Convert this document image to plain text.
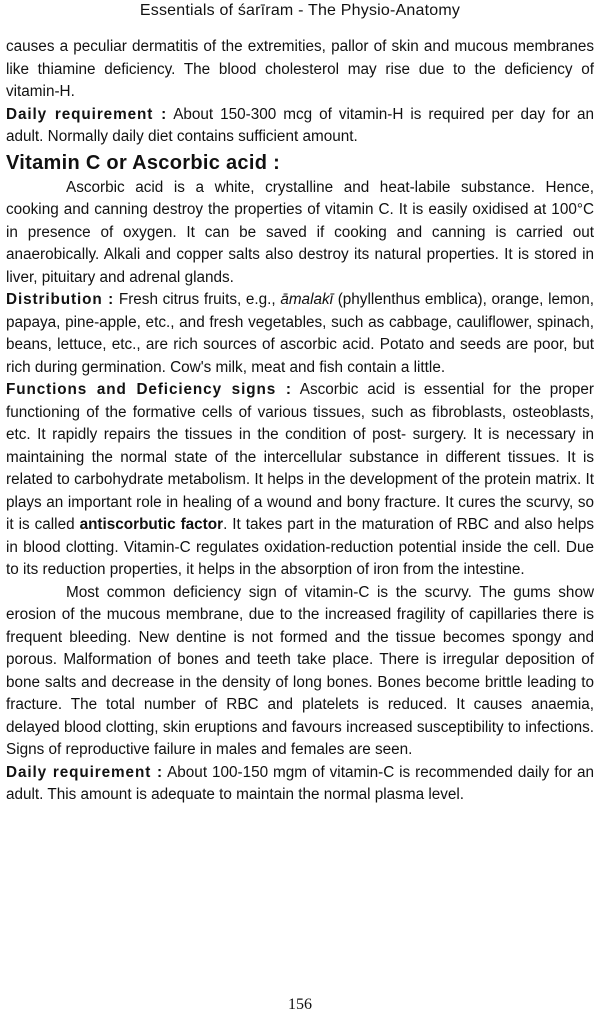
Essentials of śarīram - The Physio-Anatomy

causes a peculiar dermatitis of the extremities, pallor of skin and mucous membranes like thiamine deficiency. The blood cholesterol may rise due to the deficiency of vitamin-H.

Daily requirement : About 150-300 mcg of vitamin-H is required per day for an adult. Normally daily diet contains sufficient amount.

Vitamin C or Ascorbic acid :

Ascorbic acid is a white, crystalline and heat-labile substance. Hence, cooking and canning destroy the properties of vitamin C. It is easily oxidised at 100°C in presence of oxygen. It can be saved if cooking and canning is carried out anaerobically. Alkali and copper salts also destroy its natural properties. It is stored in liver, pituitary and adrenal glands.

Distribution : Fresh citrus fruits, e.g., āmalakī (phyllenthus emblica), orange, lemon, papaya, pine-apple, etc., and fresh vegetables, such as cabbage, cauliflower, spinach, beans, lettuce, etc., are rich sources of ascorbic acid. Potato and seeds are poor, but rich during germination. Cow's milk, meat and fish contain a little.

Functions and Deficiency signs : Ascorbic acid is essential for the proper functioning of the formative cells of various tissues, such as fibroblasts, osteoblasts, etc. It rapidly repairs the tissues in the condition of post- surgery. It is necessary in maintaining the normal state of the intercellular substance in different tissues. It is related to carbohydrate metabolism. It helps in the development of the protein matrix. It plays an important role in healing of a wound and bony fracture. It cures the scurvy, so it is called antiscorbutic factor. It takes part in the maturation of RBC and also helps in blood clotting. Vitamin-C regulates oxidation-reduction potential inside the cell. Due to its reduction properties, it helps in the absorption of iron from the intestine.

Most common deficiency sign of vitamin-C is the scurvy. The gums show erosion of the mucous membrane, due to the increased fragility of capillaries there is frequent bleeding. New dentine is not formed and the tissue becomes spongy and porous. Malformation of bones and teeth take place. There is irregular deposition of bone salts and decrease in the density of long bones. Bones become brittle leading to fracture. The total number of RBC and platelets is reduced. It causes anaemia, delayed blood clotting, skin eruptions and favours increased susceptibility to infections. Signs of reproductive failure in males and females are seen.

Daily requirement : About 100-150 mgm of vitamin-C is recommended daily for an adult. This amount is adequate to maintain the normal plasma level.

156
